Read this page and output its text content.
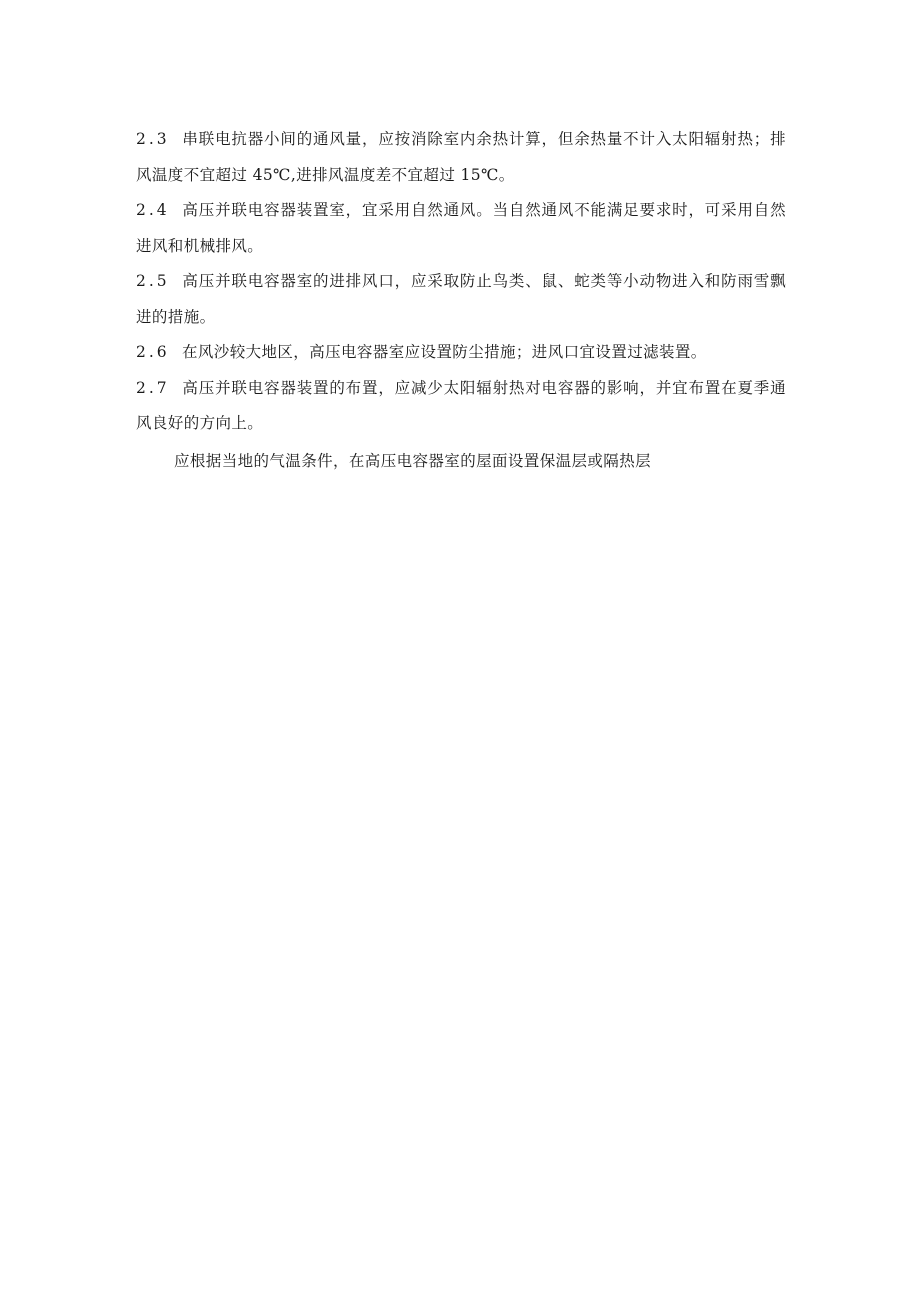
2.3 串联电抗器小间的通风量，应按消除室内余热计算，但余热量不计入太阳辐射热；排风温度不宜超过 45℃,进排风温度差不宜超过 15℃。

2.4 高压并联电容器装置室，宜采用自然通风。当自然通风不能满足要求时，可采用自然进风和机械排风。

2.5 高压并联电容器室的进排风口，应采取防止鸟类、鼠、蛇类等小动物进入和防雨雪飘进的措施。

2.6 在风沙较大地区，高压电容器室应设置防尘措施；进风口宜设置过滤装置。

2.7 高压并联电容器装置的布置，应减少太阳辐射热对电容器的影响，并宜布置在夏季通风良好的方向上。

应根据当地的气温条件，在高压电容器室的屋面设置保温层或隔热层
